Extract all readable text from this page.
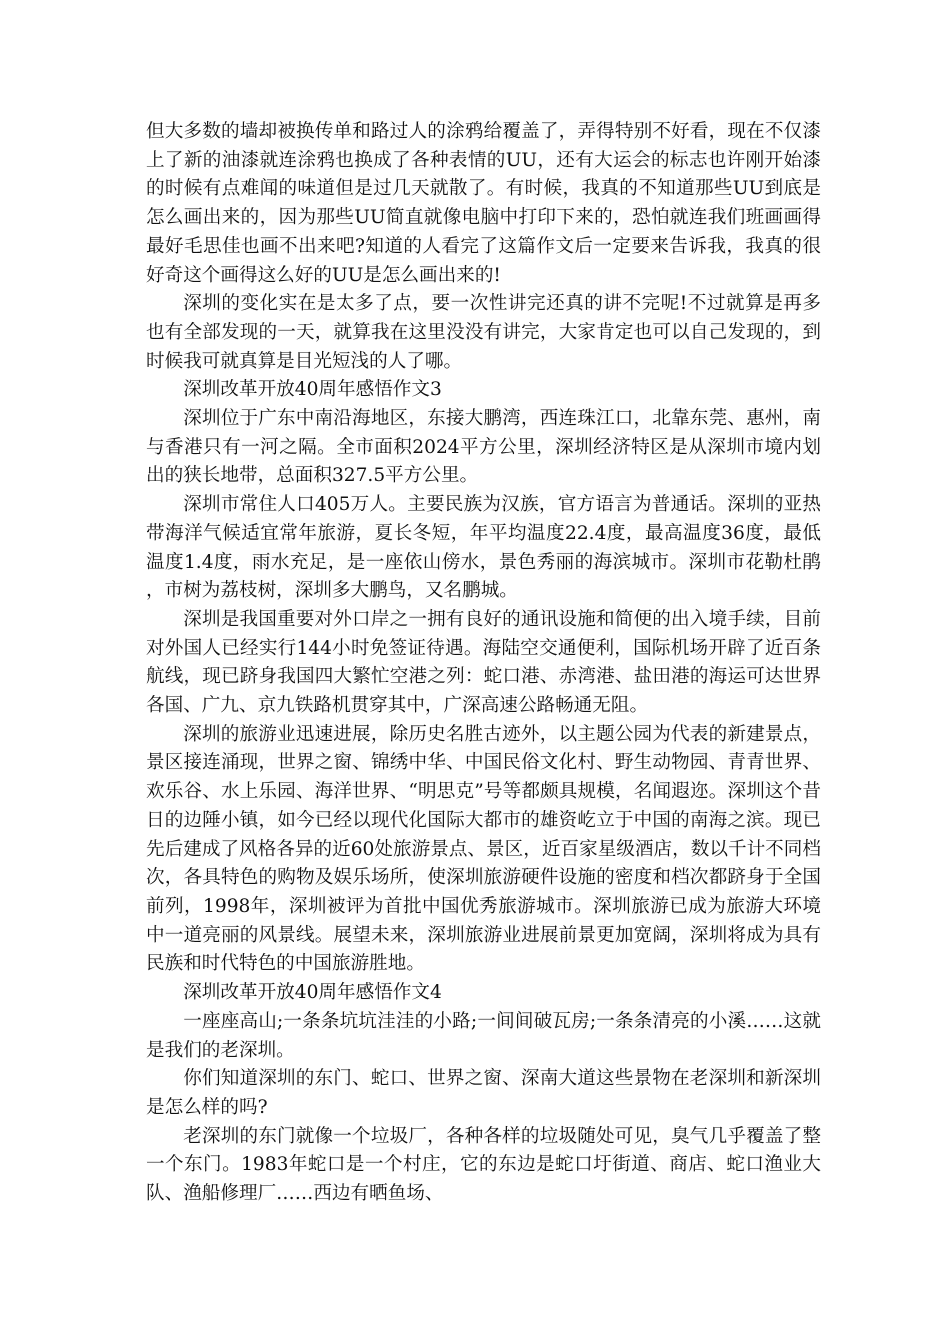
但大多数的墙却被换传单和路过人的涂鸦给覆盖了，弄得特别不好看，现在不仅漆上了新的油漆就连涂鸦也换成了各种表情的UU，还有大运会的标志也许刚开始漆的时候有点难闻的味道但是过几天就散了。有时候，我真的不知道那些UU到底是怎么画出来的，因为那些UU简直就像电脑中打印下来的，恐怕就连我们班画画得最好毛思佳也画不出来吧?知道的人看完了这篇作文后一定要来告诉我，我真的很好奇这个画得这么好的UU是怎么画出来的!

深圳的变化实在是太多了点，要一次性讲完还真的讲不完呢!不过就算是再多也有全部发现的一天，就算我在这里没没有讲完，大家肯定也可以自己发现的，到时候我可就真算是目光短浅的人了哪。

深圳改革开放40周年感悟作文3

深圳位于广东中南沿海地区，东接大鹏湾，西连珠江口，北靠东莞、惠州，南与香港只有一河之隔。全市面积2024平方公里，深圳经济特区是从深圳市境内划出的狭长地带，总面积327.5平方公里。

深圳市常住人口405万人。主要民族为汉族，官方语言为普通话。深圳的亚热带海洋气候适宜常年旅游，夏长冬短，年平均温度22.4度，最高温度36度，最低温度1.4度，雨水充足，是一座依山傍水，景色秀丽的海滨城市。深圳市花勒杜鹃，市树为荔枝树，深圳多大鹏鸟，又名鹏城。

深圳是我国重要对外口岸之一拥有良好的通讯设施和简便的出入境手续，目前对外国人已经实行144小时免签证待遇。海陆空交通便利，国际机场开辟了近百条航线，现已跻身我国四大繁忙空港之列：蛇口港、赤湾港、盐田港的海运可达世界各国、广九、京九铁路机贯穿其中，广深高速公路畅通无阻。

深圳的旅游业迅速进展，除历史名胜古迹外，以主题公园为代表的新建景点，景区接连涌现，世界之窗、锦绣中华、中国民俗文化村、野生动物园、青青世界、欢乐谷、水上乐园、海洋世界、“明思克”号等都颇具规模，名闻遐迩。深圳这个昔日的边陲小镇，如今已经以现代化国际大都市的雄资屹立于中国的南海之滨。现已先后建成了风格各异的近60处旅游景点、景区，近百家星级酒店，数以千计不同档次，各具特色的购物及娱乐场所，使深圳旅游硬件设施的密度和档次都跻身于全国前列，1998年，深圳被评为首批中国优秀旅游城市。深圳旅游已成为旅游大环境中一道亮丽的风景线。展望未来，深圳旅游业进展前景更加宽阔，深圳将成为具有民族和时代特色的中国旅游胜地。

深圳改革开放40周年感悟作文4

一座座高山;一条条坑坑洼洼的小路;一间间破瓦房;一条条清亮的小溪……这就是我们的老深圳。

你们知道深圳的东门、蛇口、世界之窗、深南大道这些景物在老深圳和新深圳是怎么样的吗?

老深圳的东门就像一个垃圾厂，各种各样的垃圾随处可见，臭气几乎覆盖了整一个东门。1983年蛇口是一个村庄，它的东边是蛇口圩街道、商店、蛇口渔业大队、渔船修理厂……西边有晒鱼场、
